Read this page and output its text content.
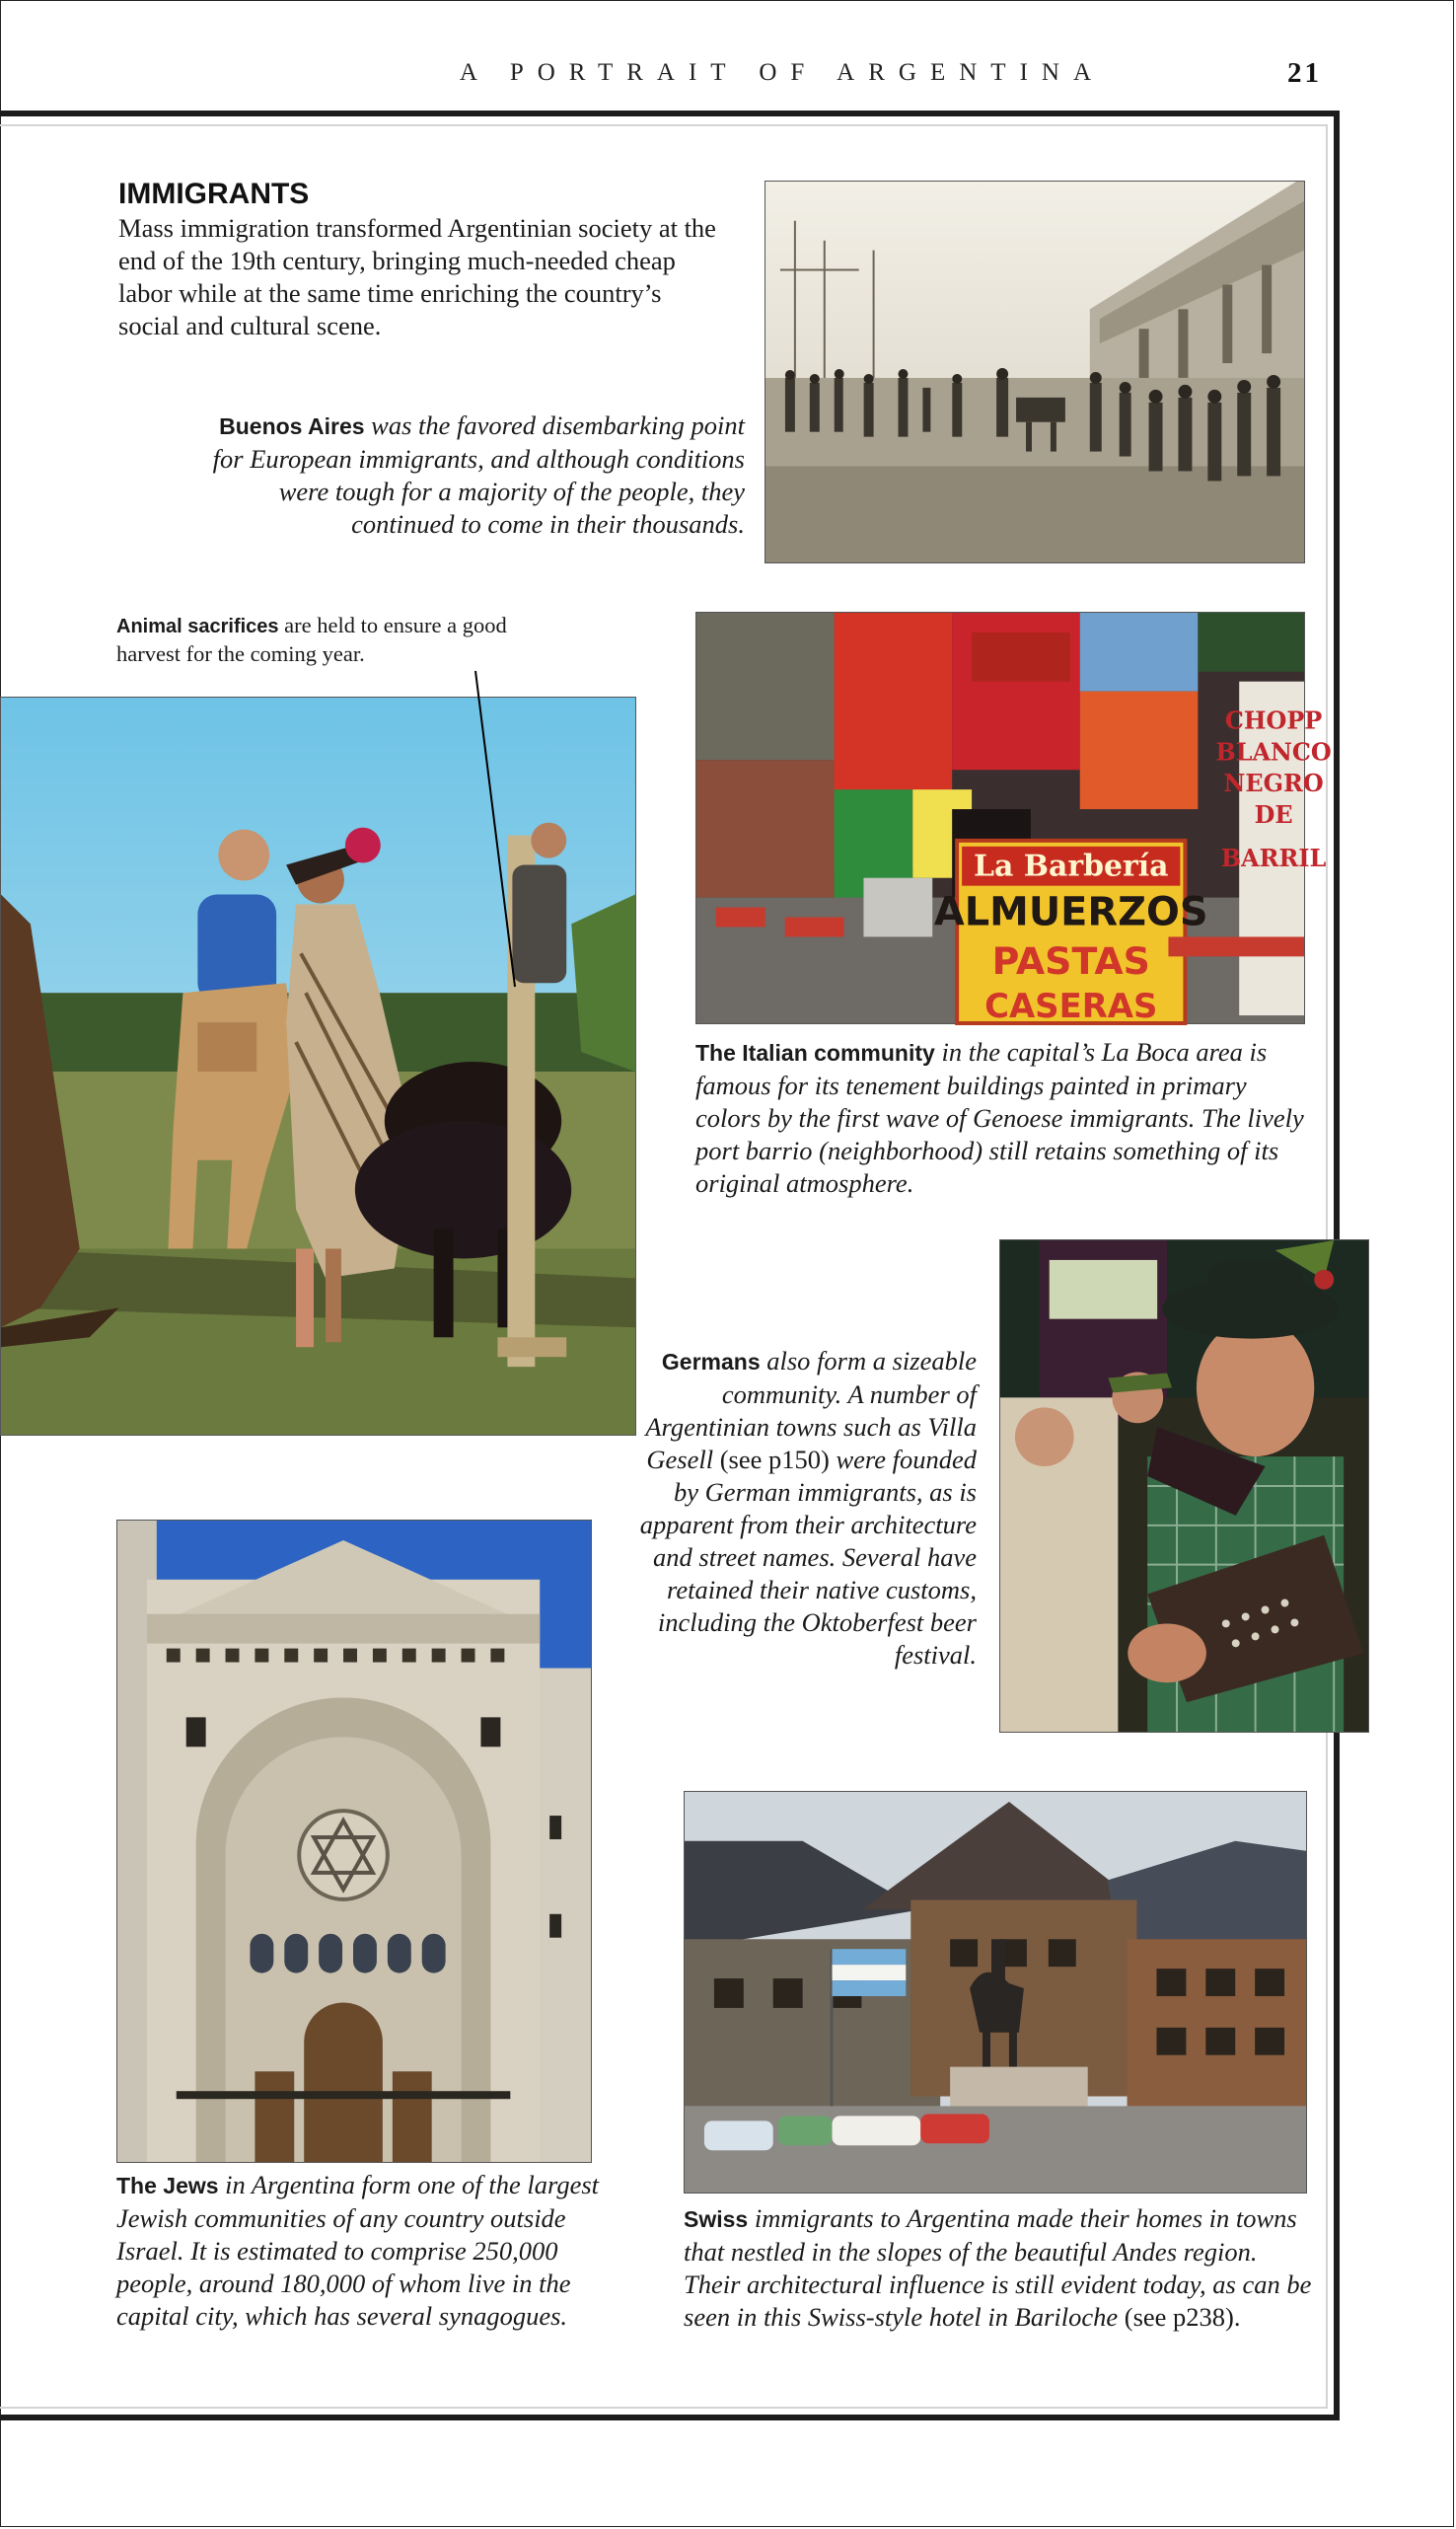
A PORTRAIT OF ARGENTINA	21
IMMIGRANTS
Mass immigration transformed Argentinian society at the end of the 19th century, bringing much-needed cheap labor while at the same time enriching the country’s social and cultural scene.
Buenos Aires was the favored disembarking point for European immigrants, and although conditions were tough for a majority of the people, they continued to come in their thousands.
Animal sacrifices are held to ensure a good harvest for the coming year.
La Barbería
ALMUERZOS
PASTAS
CASERAS
CHOPP
BLANCO
NEGRO
DE
BARRIL
The Italian community in the capital’s La Boca area is famous for its tenement buildings painted in primary colors by the first wave of Genoese immigrants. The lively port barrio (neighborhood) still retains something of its original atmosphere.
Germans also form a sizeable community. A number of Argentinian towns such as Villa Gesell (see p150) were founded by German immigrants, as is apparent from their architecture and street names. Several have retained their native customs, including the Oktoberfest beer festival.
The Jews in Argentina form one of the largest Jewish communities of any country outside Israel. It is estimated to comprise 250,000 people, around 180,000 of whom live in the capital city, which has several synagogues.
Swiss immigrants to Argentina made their homes in towns that nestled in the slopes of the beautiful Andes region. Their architectural influence is still evident today, as can be seen in this Swiss-style hotel in Bariloche (see p238).
